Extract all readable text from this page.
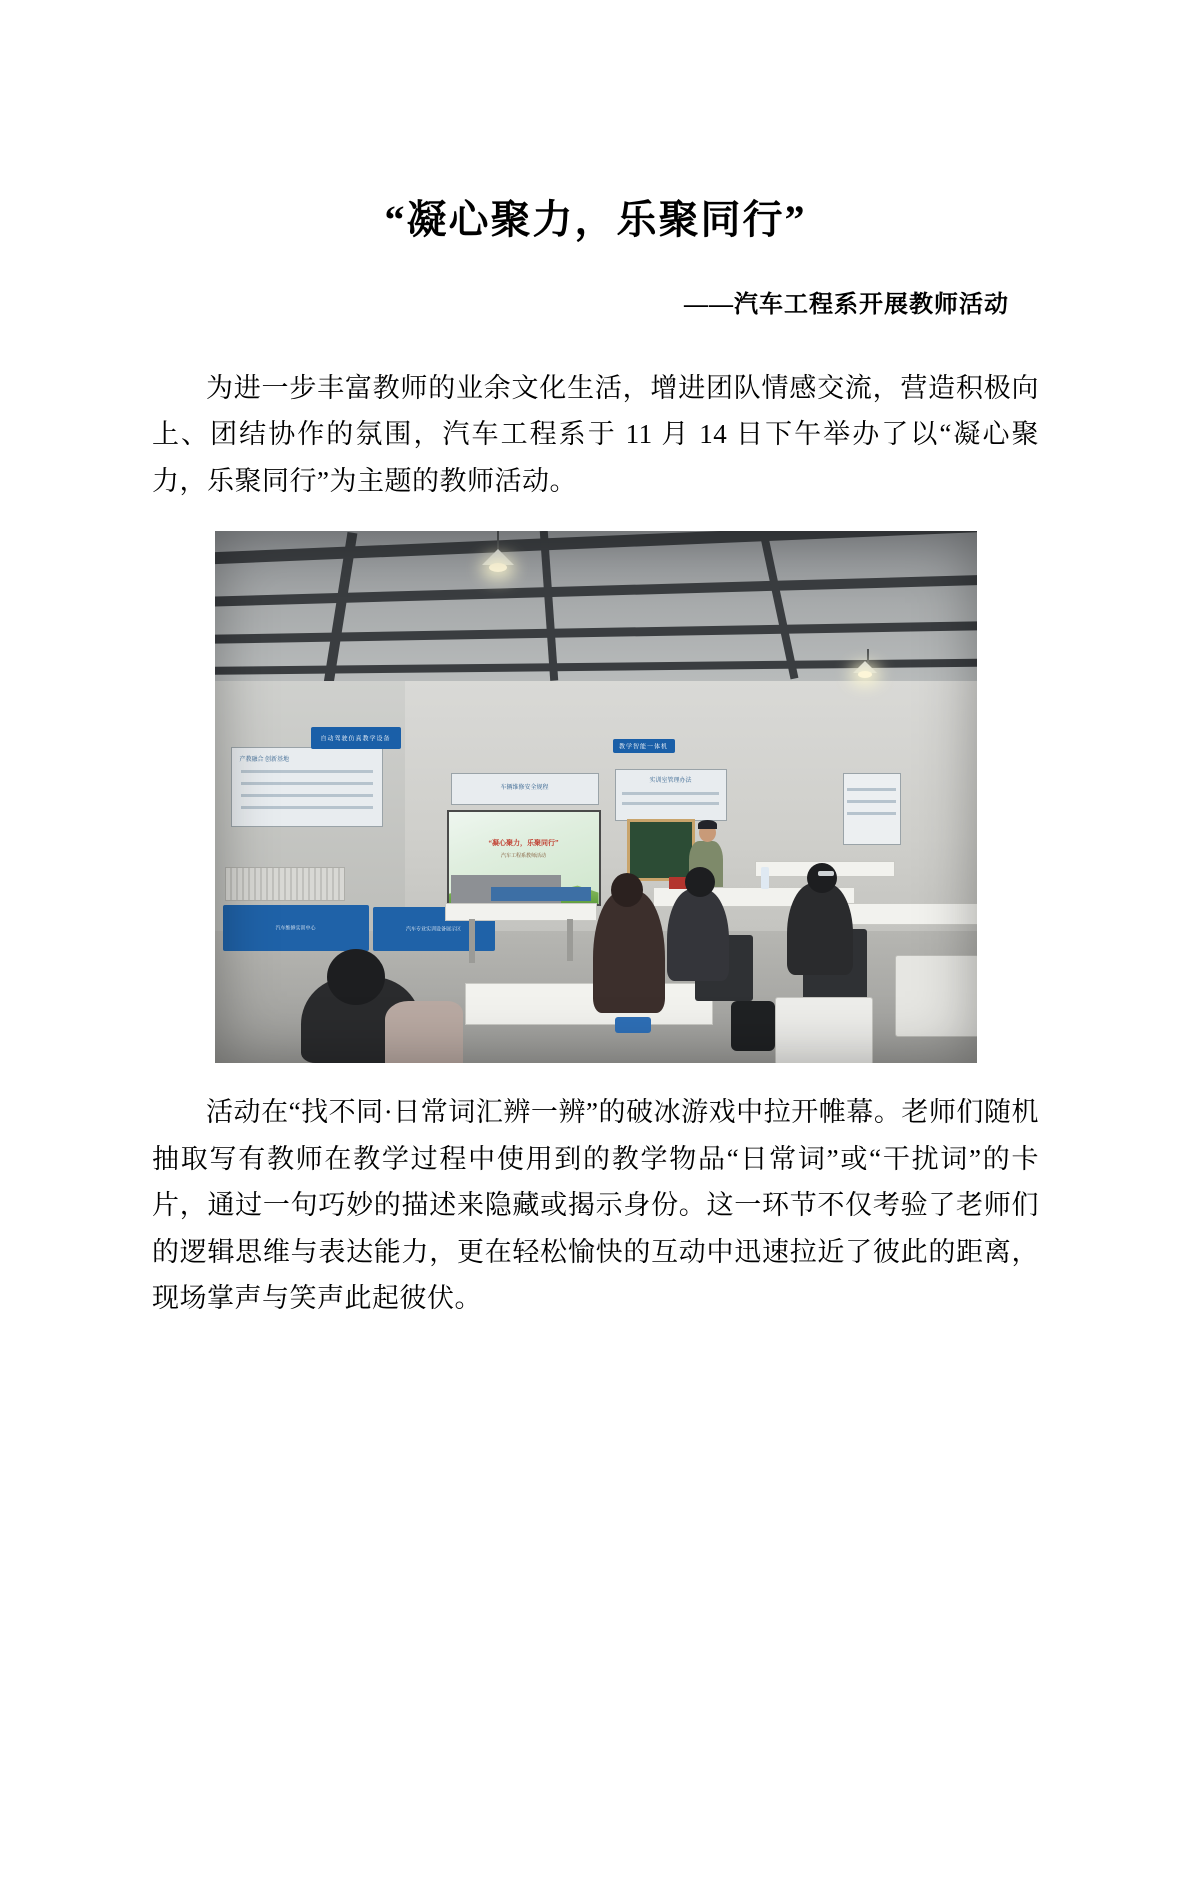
“凝心聚力，乐聚同行”
——汽车工程系开展教师活动

为进一步丰富教师的业余文化生活，增进团队情感交流，营造积极向上、团结协作的氛围，汽车工程系于 11 月 14 日下午举办了以“凝心聚力，乐聚同行”为主题的教师活动。

产教融合 创新基地
车辆维修安全规程
实训室管理办法
自动驾驶仿真教学设备
教学智能一体机
“凝心聚力，乐聚同行”
汽车工程系教师活动
汽车维修实训中心	汽车专业实训设备展示区

活动在“找不同·日常词汇辨一辨”的破冰游戏中拉开帷幕。老师们随机抽取写有教师在教学过程中使用到的教学物品“日常词”或“干扰词”的卡片，通过一句巧妙的描述来隐藏或揭示身份。这一环节不仅考验了老师们的逻辑思维与表达能力，更在轻松愉快的互动中迅速拉近了彼此的距离，现场掌声与笑声此起彼伏。
